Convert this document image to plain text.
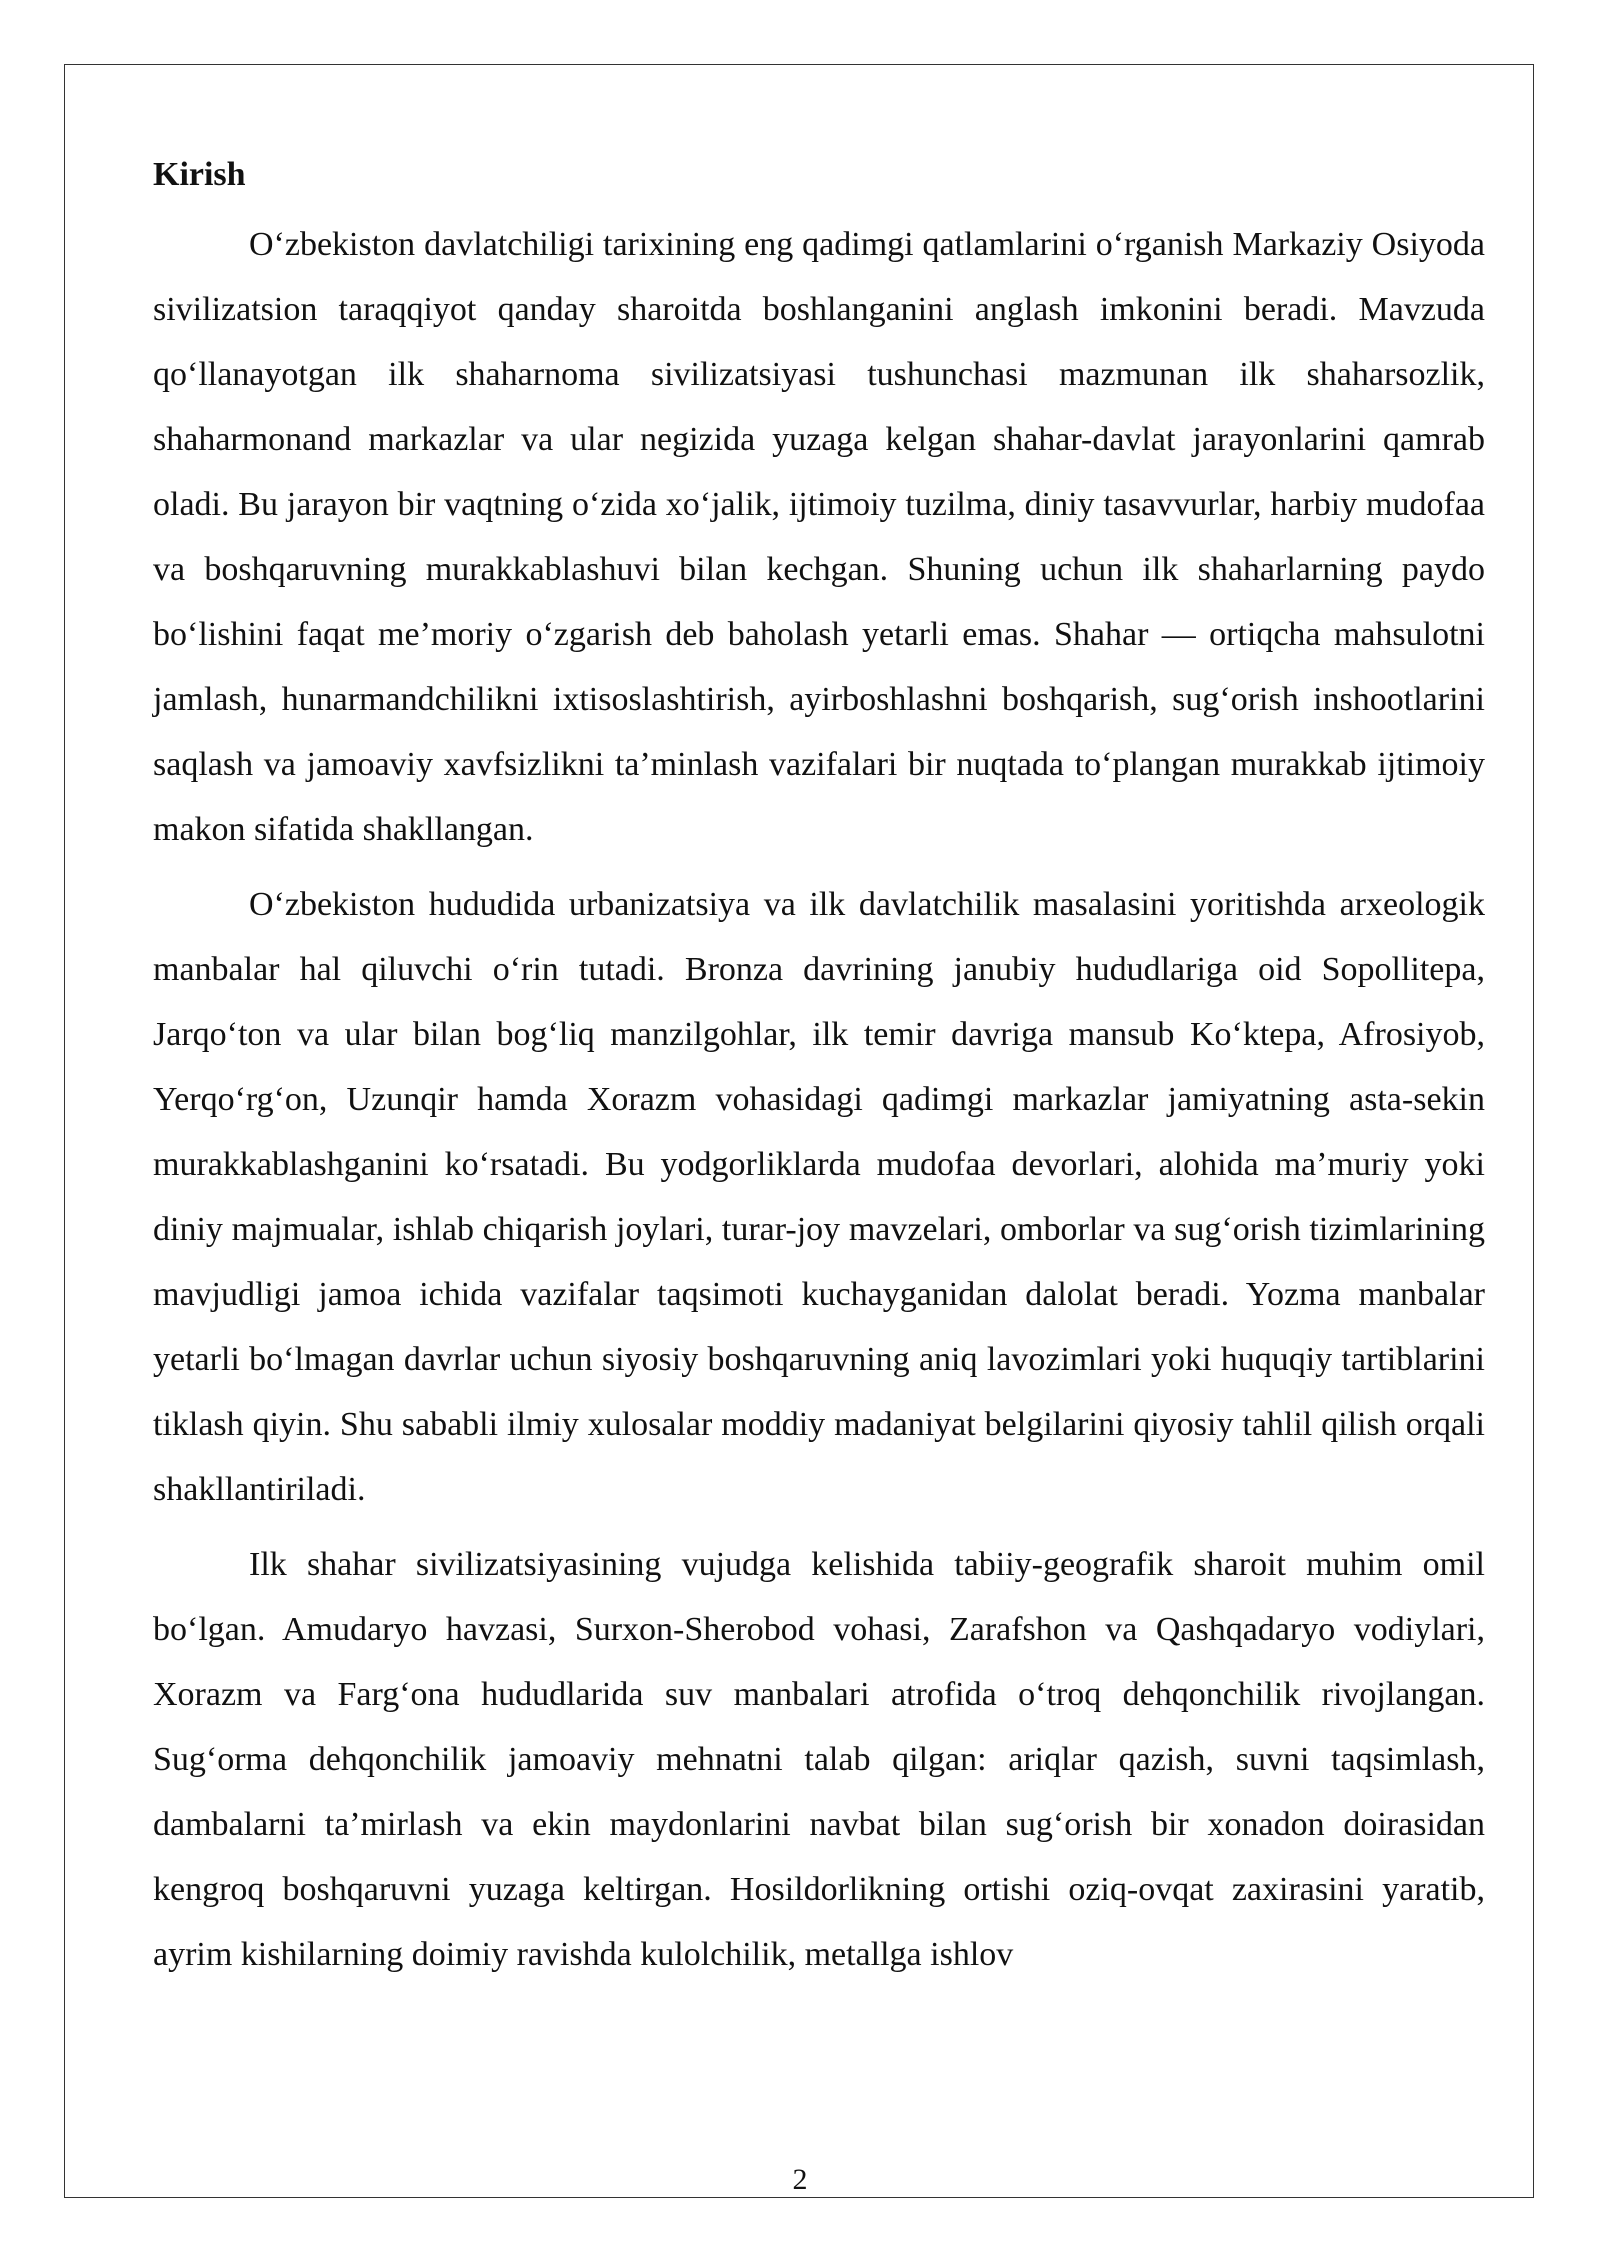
Kirish

O‘zbekiston davlatchiligi tarixining eng qadimgi qatlamlarini o‘rganish Markaziy Osiyoda sivilizatsion taraqqiyot qanday sharoitda boshlanganini anglash imkonini beradi. Mavzuda qo‘llanayotgan ilk shaharnoma sivilizatsiyasi tushunchasi mazmunan ilk shaharsozlik, shaharmonand markazlar va ular negizida yuzaga kelgan shahar-davlat jarayonlarini qamrab oladi. Bu jarayon bir vaqtning o‘zida xo‘jalik, ijtimoiy tuzilma, diniy tasavvurlar, harbiy mudofaa va boshqaruvning murakkablashuvi bilan kechgan. Shuning uchun ilk shaharlarning paydo bo‘lishini faqat me’moriy o‘zgarish deb baholash yetarli emas. Shahar — ortiqcha mahsulotni jamlash, hunarmandchilikni ixtisoslashtirish, ayirboshlashni boshqarish, sug‘orish inshootlarini saqlash va jamoaviy xavfsizlikni ta’minlash vazifalari bir nuqtada to‘plangan murakkab ijtimoiy makon sifatida shakllangan.

O‘zbekiston hududida urbanizatsiya va ilk davlatchilik masalasini yoritishda arxeologik manbalar hal qiluvchi o‘rin tutadi. Bronza davrining janubiy hududlariga oid Sopollitepa, Jarqo‘ton va ular bilan bog‘liq manzilgohlar, ilk temir davriga mansub Ko‘ktepa, Afrosiyob, Yerqo‘rg‘on, Uzunqir hamda Xorazm vohasidagi qadimgi markazlar jamiyatning asta-sekin murakkablashganini ko‘rsatadi. Bu yodgorliklarda mudofaa devorlari, alohida ma’muriy yoki diniy majmualar, ishlab chiqarish joylari, turar-joy mavzelari, omborlar va sug‘orish tizimlarining mavjudligi jamoa ichida vazifalar taqsimoti kuchayganidan dalolat beradi. Yozma manbalar yetarli bo‘lmagan davrlar uchun siyosiy boshqaruvning aniq lavozimlari yoki huquqiy tartiblarini tiklash qiyin. Shu sababli ilmiy xulosalar moddiy madaniyat belgilarini qiyosiy tahlil qilish orqali shakllantiriladi.

Ilk shahar sivilizatsiyasining vujudga kelishida tabiiy-geografik sharoit muhim omil bo‘lgan. Amudaryo havzasi, Surxon-Sherobod vohasi, Zarafshon va Qashqadaryo vodiylari, Xorazm va Farg‘ona hududlarida suv manbalari atrofida o‘troq dehqonchilik rivojlangan. Sug‘orma dehqonchilik jamoaviy mehnatni talab qilgan: ariqlar qazish, suvni taqsimlash, dambalarni ta’mirlash va ekin maydonlarini navbat bilan sug‘orish bir xonadon doirasidan kengroq boshqaruvni yuzaga keltirgan. Hosildorlikning ortishi oziq-ovqat zaxirasini yaratib, ayrim kishilarning doimiy ravishda kulolchilik, metallga ishlov

2
